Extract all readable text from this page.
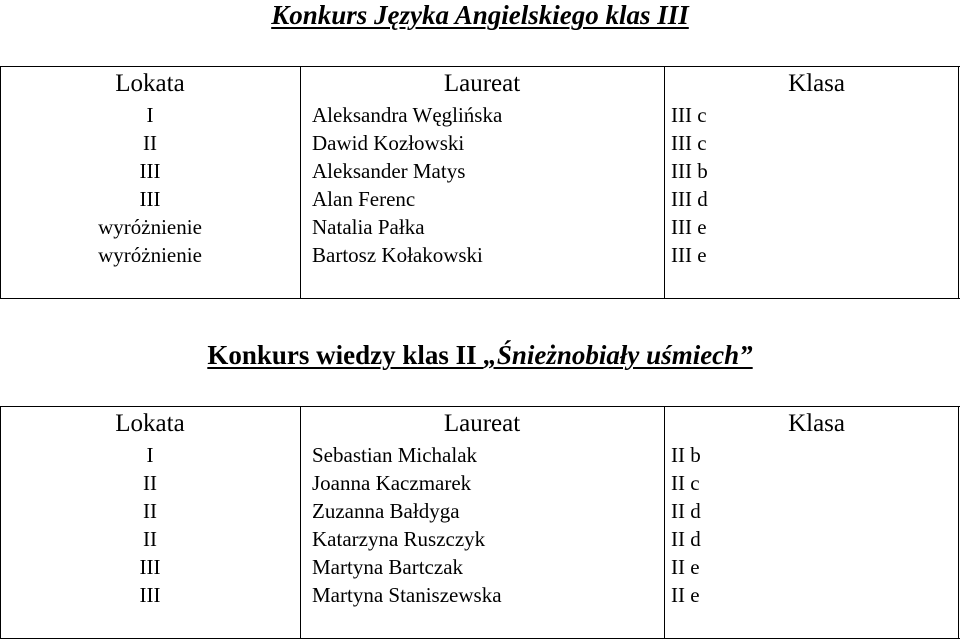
Konkurs Języka Angielskiego klas III
Lokata	Laureat	Klasa
I	Aleksandra Węglińska	III c
II	Dawid Kozłowski	III c
III	Aleksander Matys	III b
III	Alan Ferenc	III d
wyróżnienie	Natalia Pałka	III e
wyróżnienie	Bartosz Kołakowski	III e
Konkurs wiedzy klas II „Śnieżnobiały uśmiech”
Lokata	Laureat	Klasa
I	Sebastian Michalak	II b
II	Joanna Kaczmarek	II c
II	Zuzanna Bałdyga	II d
II	Katarzyna Ruszczyk	II d
III	Martyna Bartczak	II e
III	Martyna Staniszewska	II e
